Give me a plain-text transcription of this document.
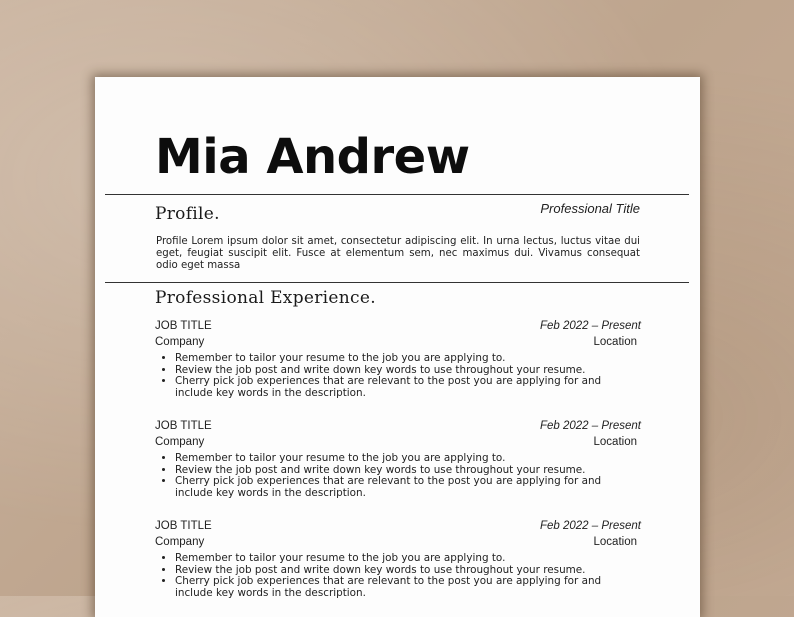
Mia Andrew
Profile.	Professional Title

Profile Lorem ipsum dolor sit amet, consectetur adipiscing elit. In urna lectus, luctus vitae dui eget, feugiat suscipit elit. Fusce at elementum sem, nec maximus dui. Vivamus consequat odio eget massa

Professional Experience.
JOB TITLE
Company
Feb 2022 – Present
Location
• Remember to tailor your resume to the job you are applying to.
• Review the job post and write down key words to use throughout your resume.
• Cherry pick job experiences that are relevant to the post you are applying for and include key words in the description.
JOB TITLE
Company
Feb 2022 – Present
Location
• Remember to tailor your resume to the job you are applying to.
• Review the job post and write down key words to use throughout your resume.
• Cherry pick job experiences that are relevant to the post you are applying for and include key words in the description.
JOB TITLE
Company
Feb 2022 – Present
Location
• Remember to tailor your resume to the job you are applying to.
• Review the job post and write down key words to use throughout your resume.
• Cherry pick job experiences that are relevant to the post you are applying for and include key words in the description.
